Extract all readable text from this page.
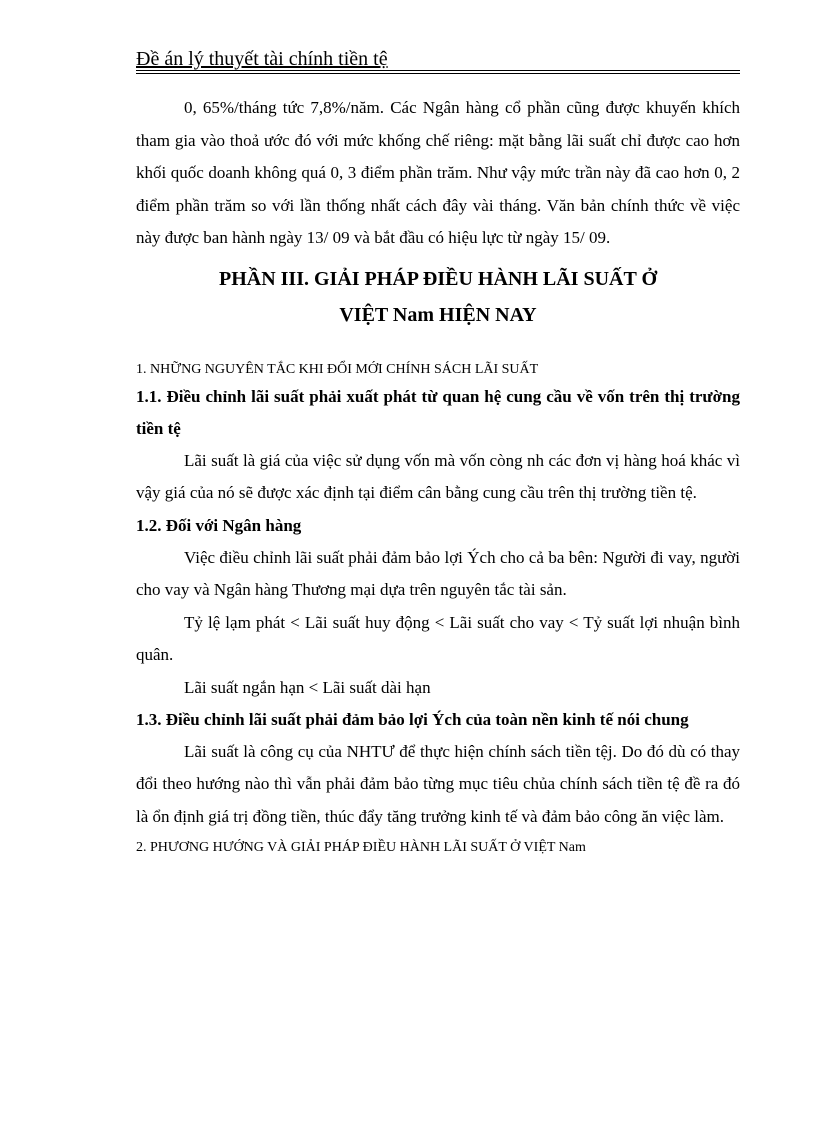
Đề án lý thuyết tài chính tiền tệ

0, 65%/tháng tức 7,8%/năm. Các Ngân hàng cổ phần cũng được khuyến khích tham gia vào thoả ước đó với mức khống chế riêng: mặt bằng lãi suất chỉ được cao hơn khối quốc doanh không quá 0, 3 điểm phần trăm. Như vậy mức trần này đã cao hơn 0, 2 điểm phần trăm so với lần thống nhất cách đây vài tháng. Văn bản chính thức về việc này được ban hành ngày 13/ 09 và bắt đầu có hiệu lực từ ngày 15/ 09.

PHẦN III. GIẢI PHÁP ĐIỀU HÀNH LÃI SUẤT Ở
VIỆT Nam HIỆN NAY

1. NHỮNG NGUYÊN TẮC KHI ĐỔI MỚI CHÍNH SÁCH LÃI SUẤT

1.1. Điều chỉnh lãi suất phải xuất phát từ quan hệ cung cầu về vốn trên thị trường tiền tệ

Lãi suất là giá của việc sử dụng vốn mà vốn còng nh các đơn vị hàng hoá khác vì vậy giá của nó sẽ được xác định tại điểm cân bằng cung cầu trên thị trường tiền tệ.

1.2. Đối với Ngân hàng

Việc điều chỉnh lãi suất phải đảm bảo lợi Ých cho cả ba bên: Người đi vay, người cho vay và Ngân hàng Thương mại dựa trên nguyên tắc tài sản.

Tỷ lệ lạm phát < Lãi suất huy động < Lãi suất cho vay < Tỷ suất lợi nhuận bình quân.

Lãi suất ngắn hạn < Lãi suất dài hạn

1.3. Điều chỉnh lãi suất phải đảm bảo lợi Ých của toàn nền kinh tế nói chung

Lãi suất là công cụ của NHTƯ để thực hiện chính sách tiền tệj. Do đó dù có thay đổi theo hướng nào thì vẫn phải đảm bảo từng mục tiêu chủa chính sách tiền tệ đề ra đó là ổn định giá trị đồng tiền, thúc đẩy tăng trưởng kinh tế và đảm bảo công ăn việc làm.

2. PHƯƠNG HƯỚNG VÀ GIẢI PHÁP ĐIỀU HÀNH LÃI SUẤT Ở VIỆT Nam
